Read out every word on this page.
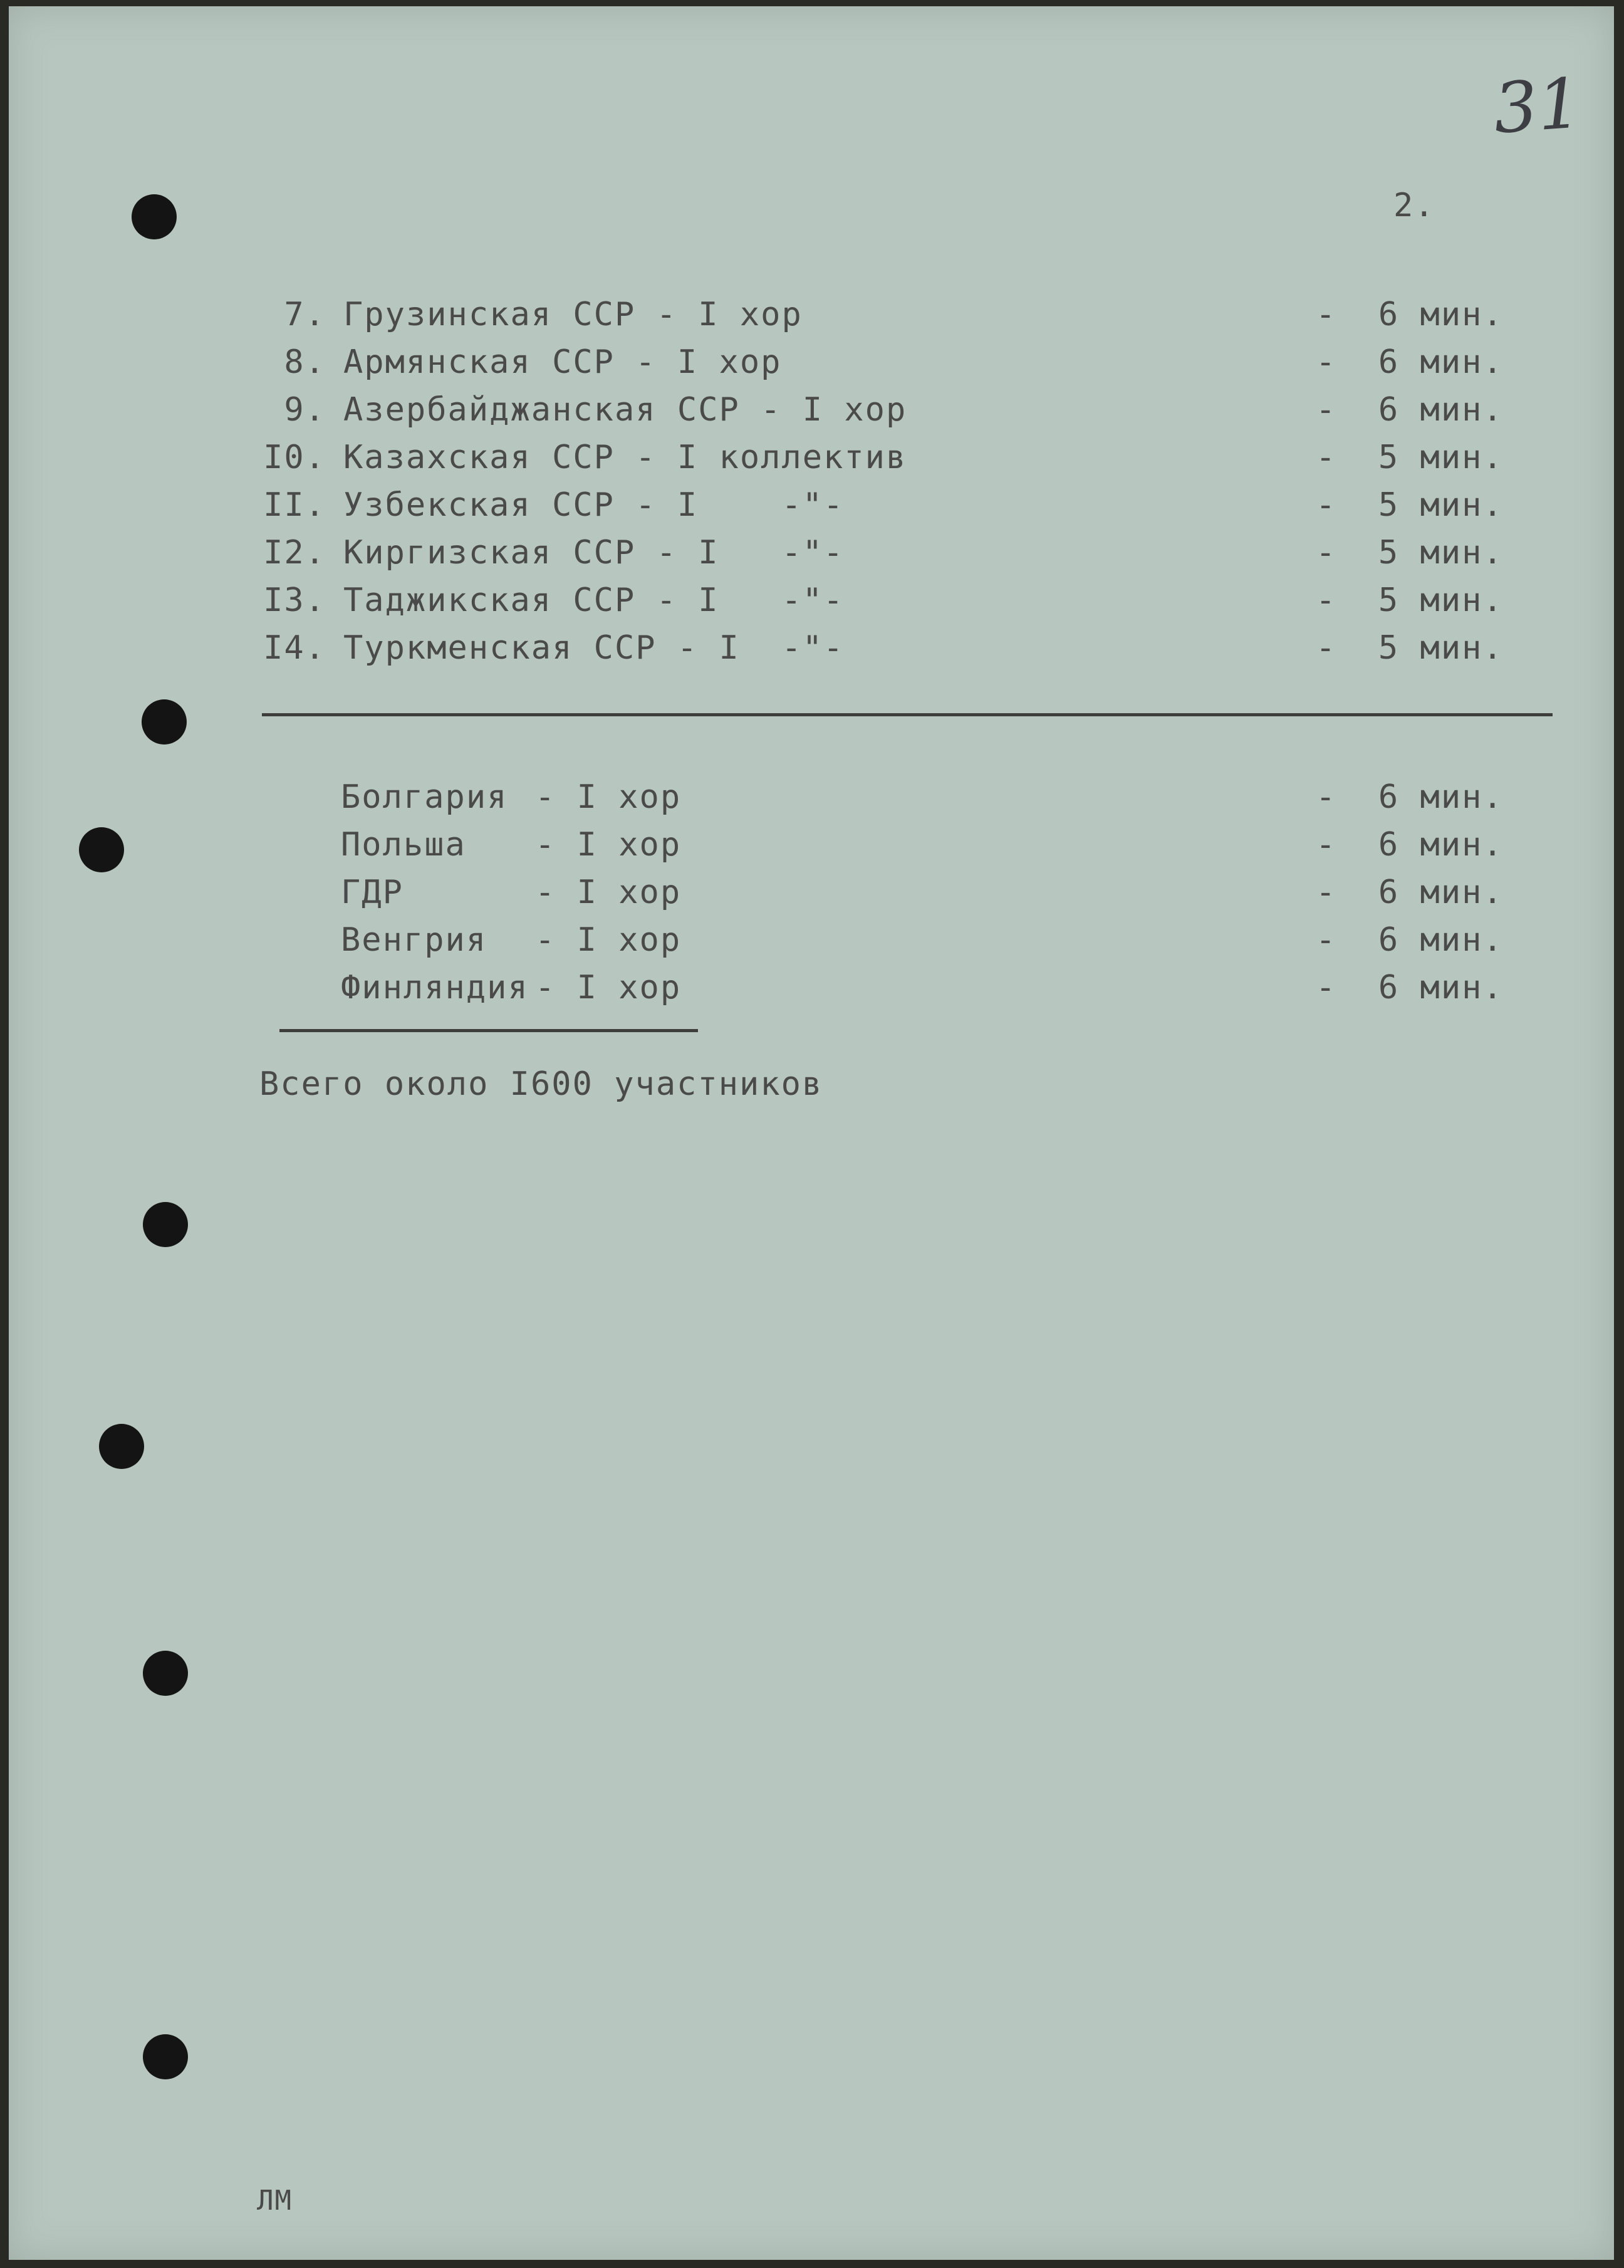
31
2.
7. Грузинская ССР - I хор	-  6 мин.
8. Армянская ССР - I хор	-  6 мин.
9. Азербайджанская ССР - I хор	-  6 мин.
I0. Казахская ССР - I коллектив	-  5 мин.
II. Узбекская ССР - I    -"-	-  5 мин.
I2. Киргизская ССР - I   -"-	-  5 мин.
I3. Таджикская ССР - I   -"-	-  5 мин.
I4. Туркменская ССР - I  -"-	-  5 мин.
Болгария - I хор	-  6 мин.
Польша - I хор	-  6 мин.
ГДР	- I хор	-  6 мин.
Венгрия - I хор	-  6 мин.
Финляндия - I хор	-  6 мин.
Всего около I600 участников
ЛМ
